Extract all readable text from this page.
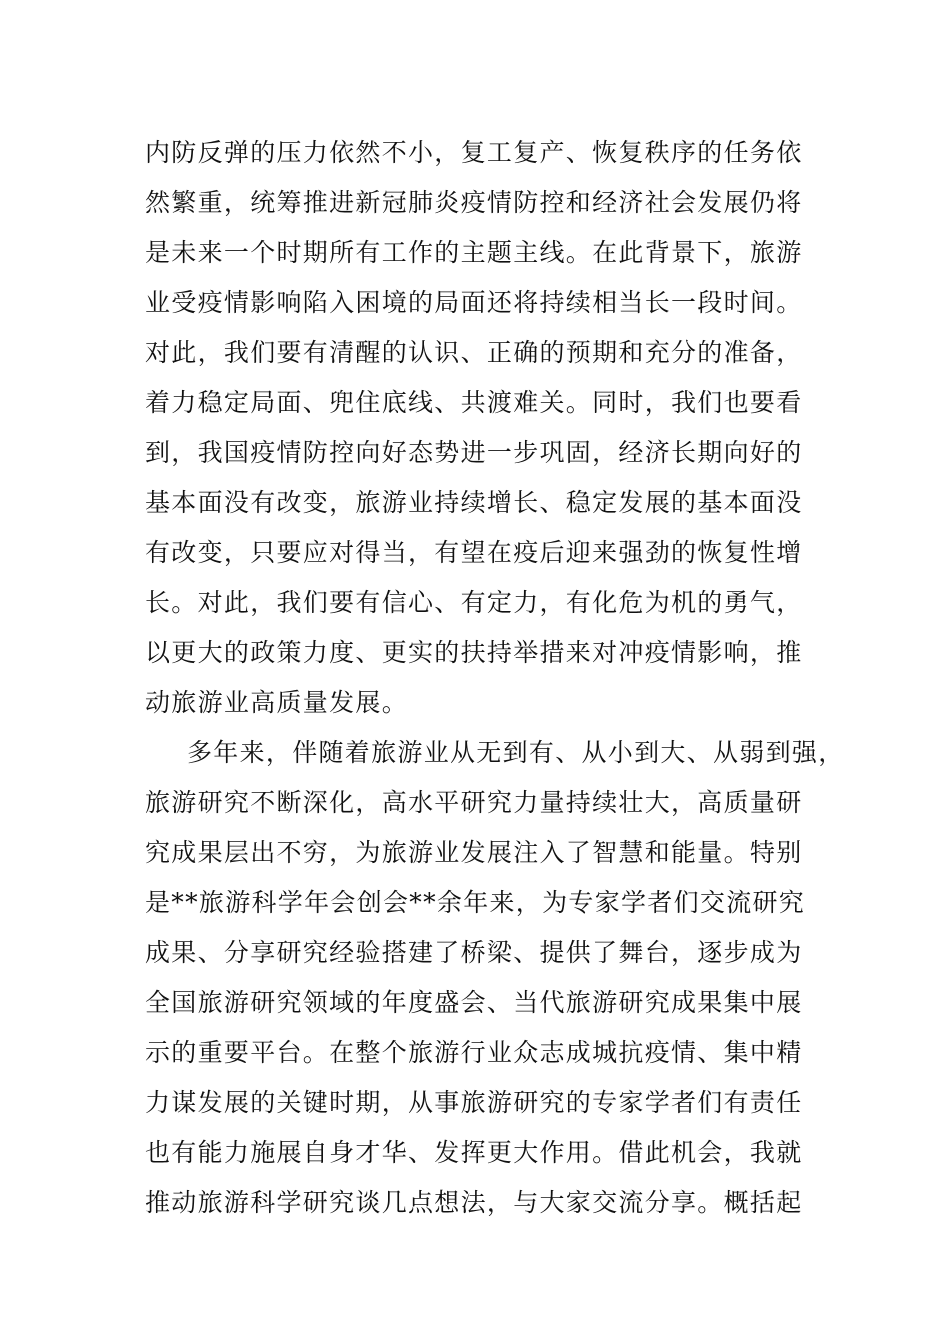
内防反弹的压力依然不小，复工复产、恢复秩序的任务依
然繁重，统筹推进新冠肺炎疫情防控和经济社会发展仍将
是未来一个时期所有工作的主题主线。在此背景下，旅游
业受疫情影响陷入困境的局面还将持续相当长一段时间。
对此，我们要有清醒的认识、正确的预期和充分的准备，
着力稳定局面、兜住底线、共渡难关。同时，我们也要看
到，我国疫情防控向好态势进一步巩固，经济长期向好的
基本面没有改变，旅游业持续增长、稳定发展的基本面没
有改变，只要应对得当，有望在疫后迎来强劲的恢复性增
长。对此，我们要有信心、有定力，有化危为机的勇气，
以更大的政策力度、更实的扶持举措来对冲疫情影响，推
动旅游业高质量发展。
多年来，伴随着旅游业从无到有、从小到大、从弱到强，
旅游研究不断深化，高水平研究力量持续壮大，高质量研
究成果层出不穷，为旅游业发展注入了智慧和能量。特别
是**旅游科学年会创会**余年来，为专家学者们交流研究
成果、分享研究经验搭建了桥梁、提供了舞台，逐步成为
全国旅游研究领域的年度盛会、当代旅游研究成果集中展
示的重要平台。在整个旅游行业众志成城抗疫情、集中精
力谋发展的关键时期，从事旅游研究的专家学者们有责任
也有能力施展自身才华、发挥更大作用。借此机会，我就
推动旅游科学研究谈几点想法，与大家交流分享。概括起
